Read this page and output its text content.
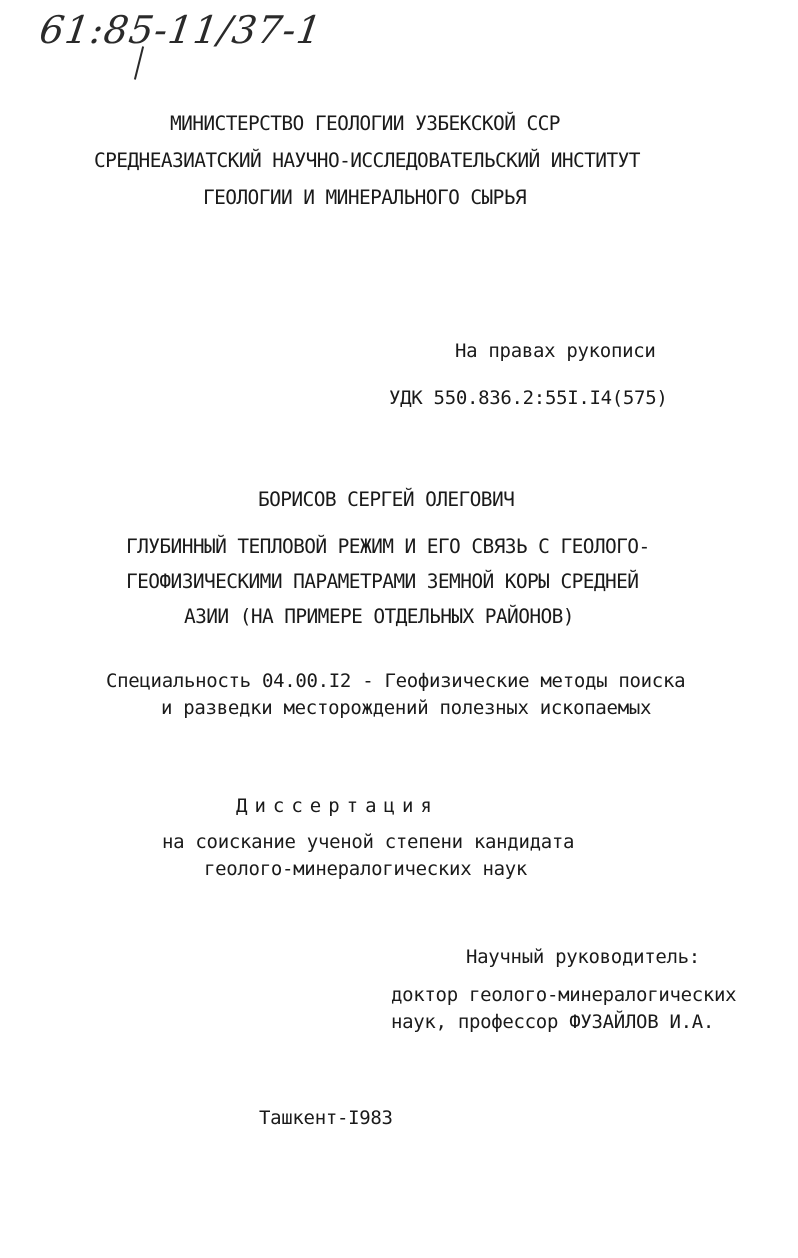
61:85-11/37-1
МИНИСТЕРСТВО ГЕОЛОГИИ УЗБЕКСКОЙ ССР
СРЕДНЕАЗИАТСКИЙ НАУЧНО-ИССЛЕДОВАТЕЛЬСКИЙ ИНСТИТУТ
ГЕОЛОГИИ И МИНЕРАЛЬНОГО СЫРЬЯ
На правах рукописи
УДК 550.836.2:55I.I4(575)
БОРИСОВ СЕРГЕЙ ОЛЕГОВИЧ
ГЛУБИННЫЙ ТЕПЛОВОЙ РЕЖИМ И ЕГО СВЯЗЬ С ГЕОЛОГО-
ГЕОФИЗИЧЕСКИМИ ПАРАМЕТРАМИ ЗЕМНОЙ КОРЫ СРЕДНЕЙ
АЗИИ (НА ПРИМЕРЕ ОТДЕЛЬНЫХ РАЙОНОВ)
Специальность 04.00.I2 - Геофизические методы поиска
и разведки месторождений полезных ископаемых
Диссертация
на соискание ученой степени кандидата
геолого-минералогических наук
Научный руководитель:
доктор геолого-минералогических
наук, профессор ФУЗАЙЛОВ И.А.
Ташкент-I983
